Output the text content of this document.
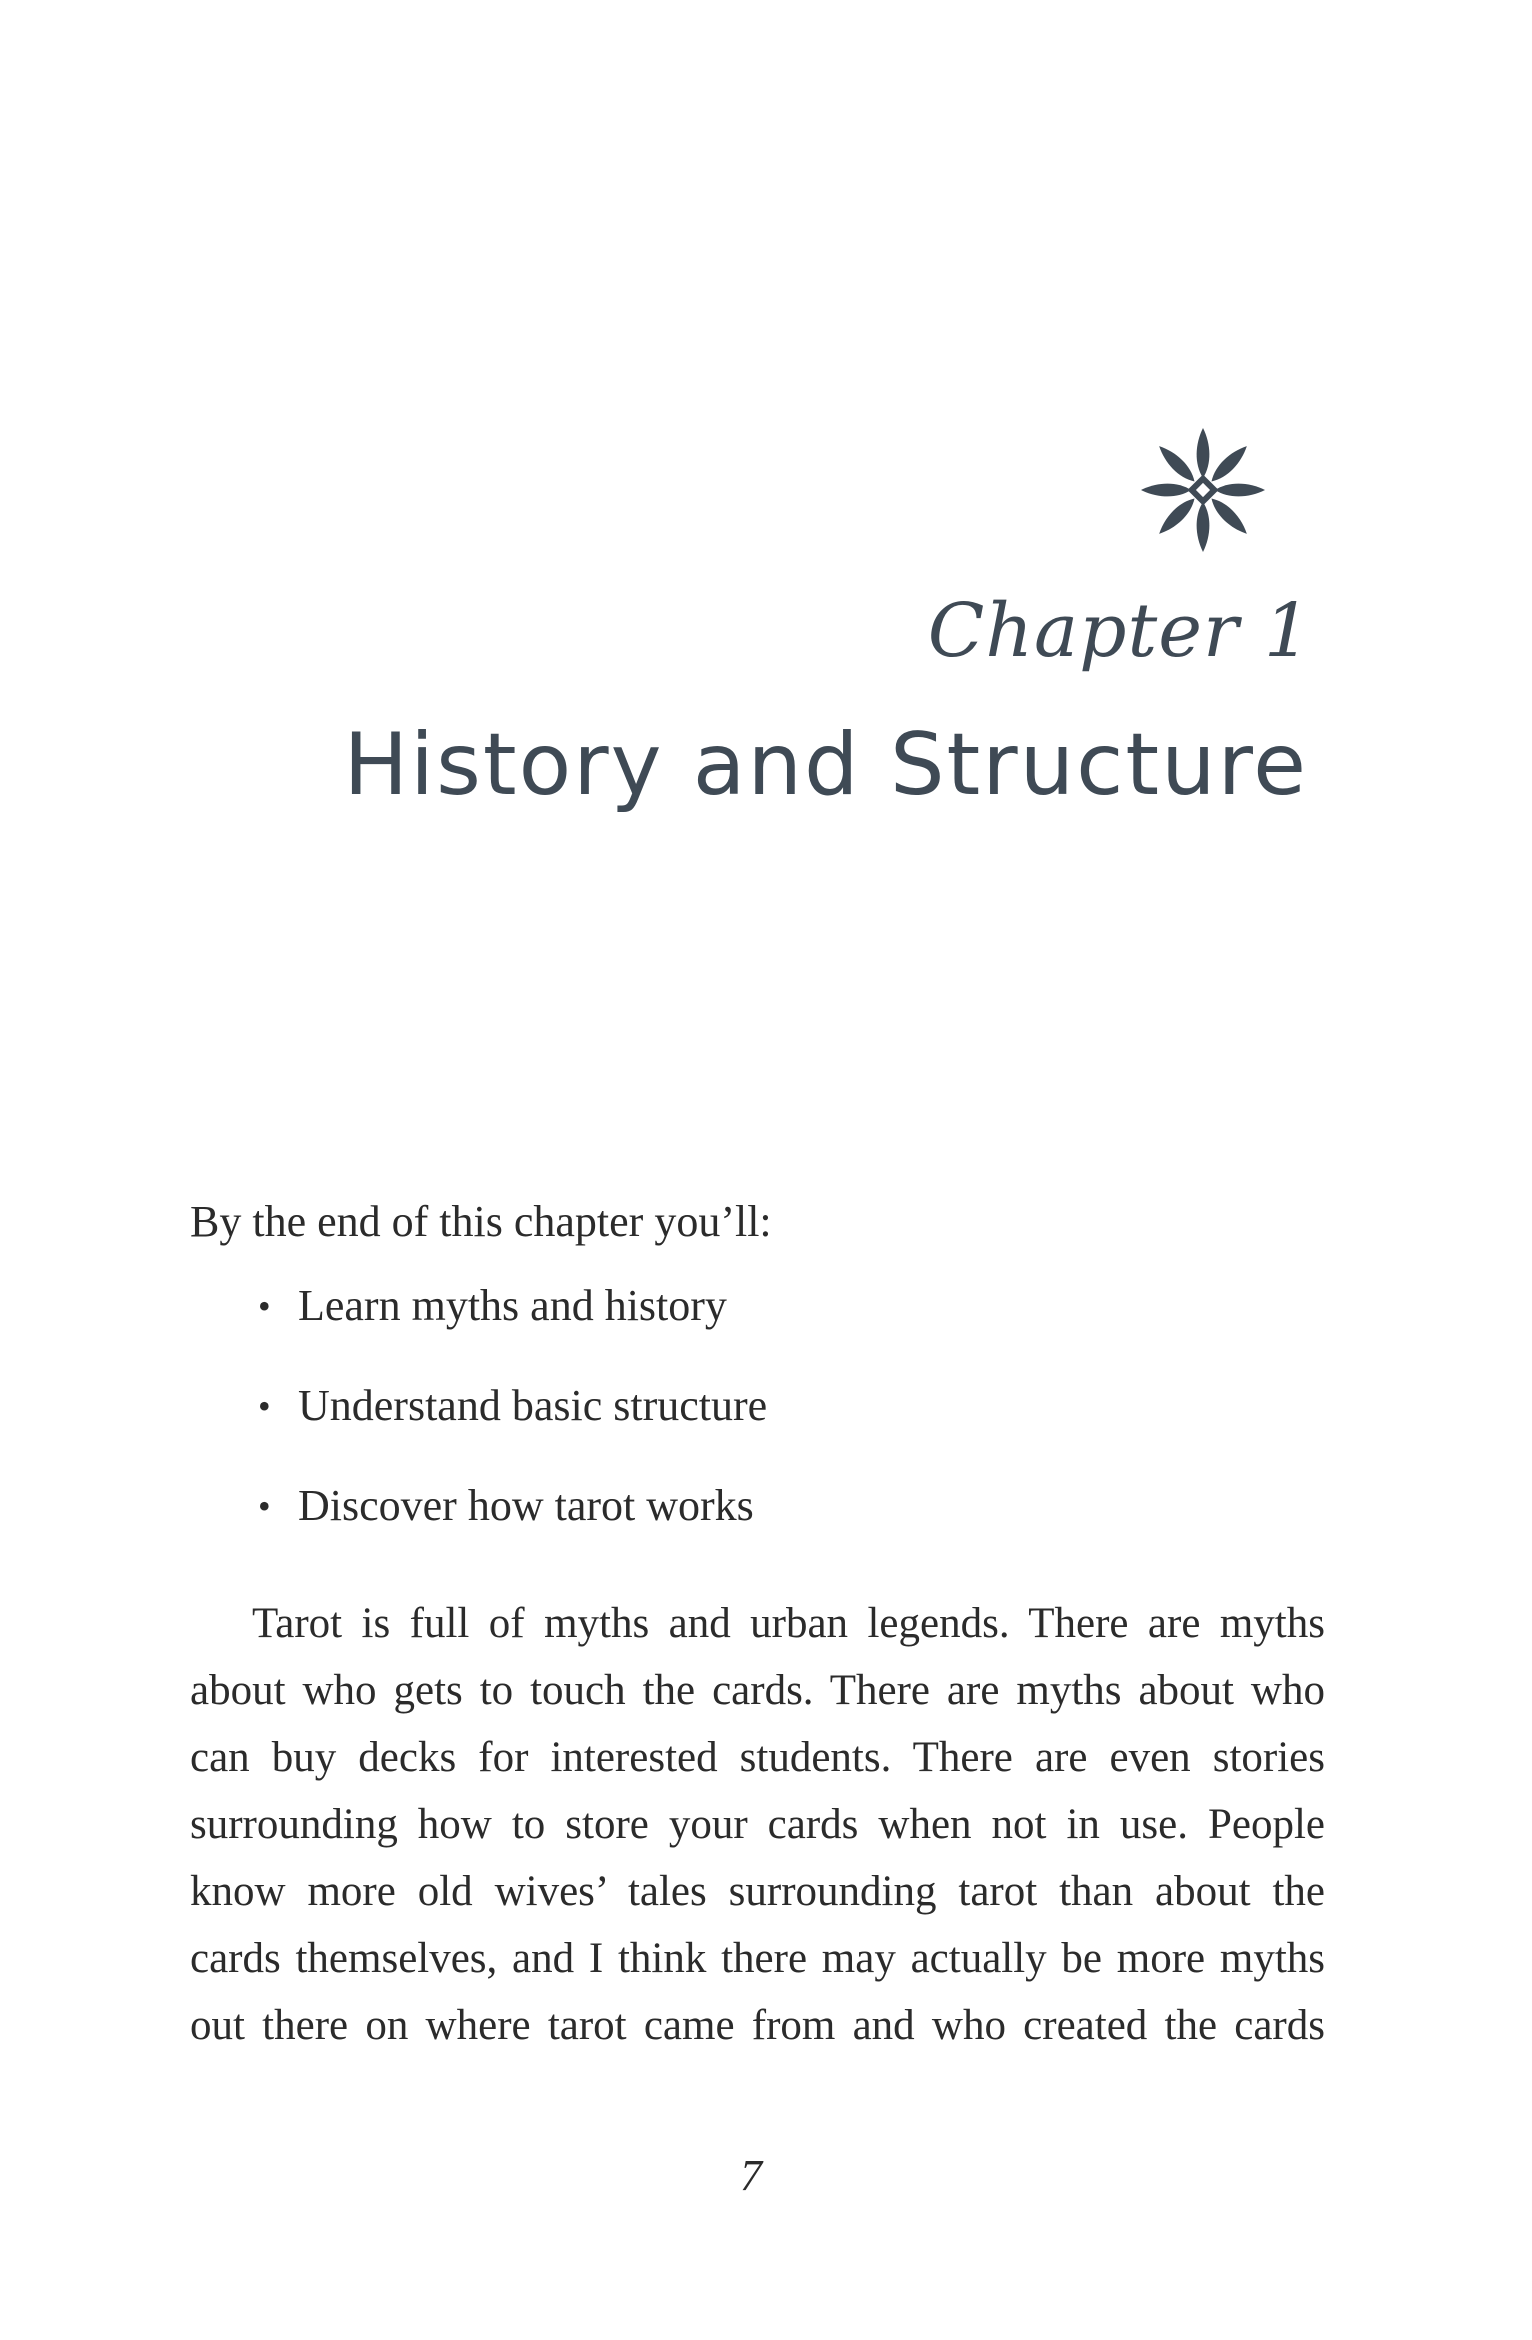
Chapter 1
History and Structure

By the end of this chapter you’ll:

• Learn myths and history
• Understand basic structure
• Discover how tarot works

Tarot is full of myths and urban legends. There are myths
about who gets to touch the cards. There are myths about who
can buy decks for interested students. There are even stories
surrounding how to store your cards when not in use. People
know more old wives’ tales surrounding tarot than about the
cards themselves, and I think there may actually be more myths
out there on where tarot came from and who created the cards

7
